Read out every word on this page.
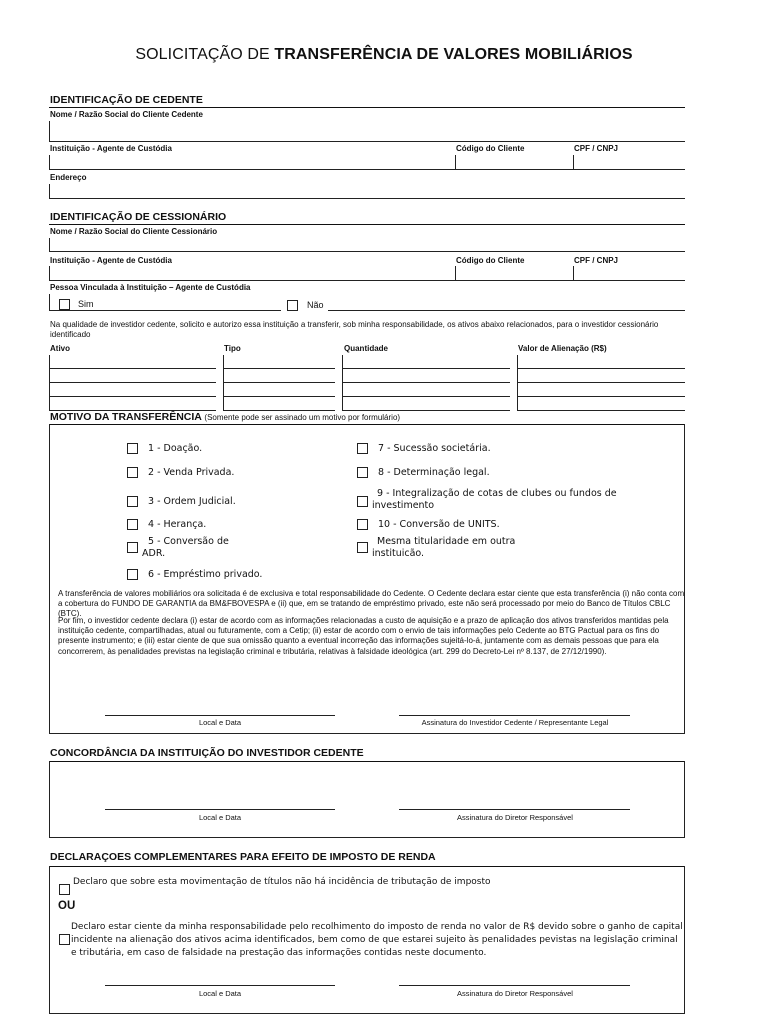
SOLICITAÇÃO DE TRANSFERÊNCIA DE VALORES MOBILIÁRIOS
IDENTIFICAÇÃO DE CEDENTE
Nome / Razão Social do Cliente Cedente
Instituição - Agente de Custódia	Código do Cliente	CPF / CNPJ
Endereço
IDENTIFICAÇÃO DE CESSIONÁRIO
Nome / Razão Social do Cliente Cessionário
Instituição - Agente de Custódia	Código do Cliente	CPF / CNPJ
Pessoa Vinculada à Instituição – Agente de Custódia
Sim	Não
Na qualidade de investidor cedente, solicito e autorizo essa instituição a transferir, sob minha responsabilidade, os ativos abaixo relacionados, para o investidor cessionário identificado
Ativo	Tipo	Quantidade	Valor de Alienação (R$)
MOTIVO DA TRANSFERÊNCIA (Somente pode ser assinado um motivo por formulário)
1 - Doação.
2 - Venda Privada.
3 - Ordem Judicial.
4 - Herança.
5 - Conversão de ADR.
6 - Empréstimo privado.
7 - Sucessão societária.
8 - Determinação legal.
9 - Integralização de cotas de clubes ou fundos de investimento
10 - Conversão de UNITS.
Mesma titularidade em outra instituicão.
A transferência de valores mobiliários ora solicitada é de exclusiva e total responsabilidade do Cedente. O Cedente declara estar ciente que esta transferência (i) não conta com a cobertura do FUNDO DE GARANTIA da BM&FBOVESPA e (ii) que, em se tratando de empréstimo privado, este não será processado por meio do Banco de Títulos CBLC (BTC).
Por fim, o investidor cedente declara (i) estar de acordo com as informações relacionadas a custo de aquisição e a prazo de aplicação dos ativos transferidos mantidas pela instituição cedente, compartilhadas, atual ou futuramente, com a Cetip; (ii) estar de acordo com o envio de tais informações pelo Cedente ao BTG Pactual para os fins do presente instrumento; e (iii) estar ciente de que sua omissão quanto a eventual incorreção das informações sujeitá-lo-á, juntamente com as demais pessoas que para ela concorrerem, às penalidades previstas na legislação criminal e tributária, relativas à falsidade ideológica (art. 299 do Decreto-Lei nº 8.137, de 27/12/1990).
Local e Data	Assinatura do Investidor Cedente / Representante Legal
CONCORDÂNCIA DA INSTITUIÇÃO DO INVESTIDOR CEDENTE
Local e Data	Assinatura do Diretor Responsável
DECLARAÇOES COMPLEMENTARES PARA EFEITO DE IMPOSTO DE RENDA
Declaro que sobre esta movimentação de títulos não há incidência de tributação de imposto
OU
Declaro estar ciente da minha responsabilidade pelo recolhimento do imposto de renda no valor de R$ devido sobre o ganho de capital incidente na alienação dos ativos acima identificados, bem como de que estarei sujeito às penalidades pevistas na legislação criminal e tributária, em caso de falsidade na prestação das informações contidas neste documento.
Local e Data	Assinatura do Diretor Responsável
